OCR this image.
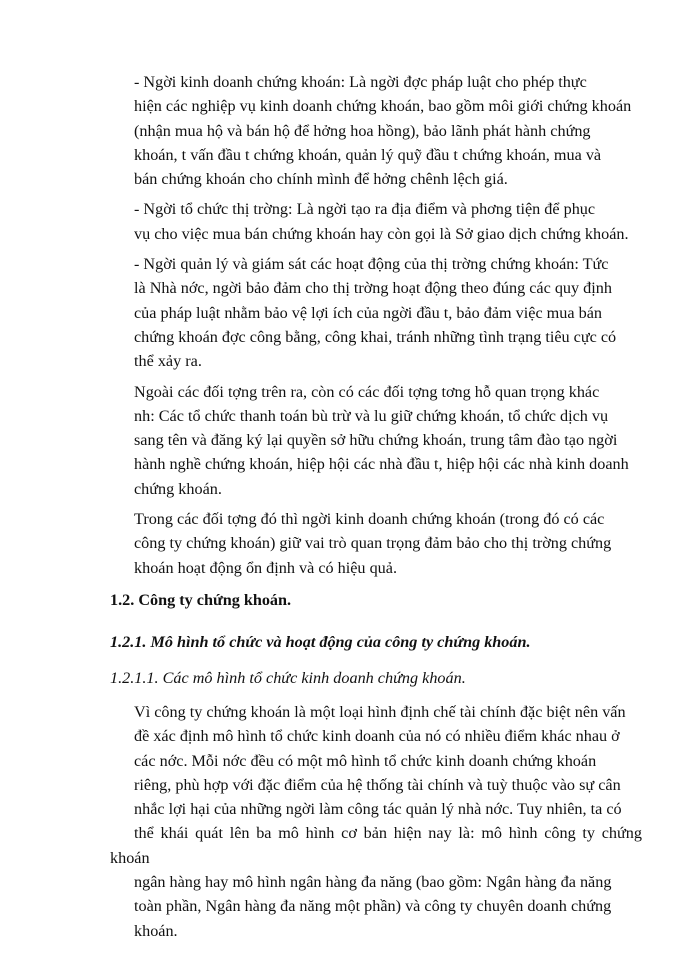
- Ngời kinh doanh chứng khoán: Là ngời đợc pháp luật cho phép thực
hiện các nghiệp vụ kinh doanh chứng khoán, bao gồm môi giới chứng khoán
(nhận mua hộ và bán hộ để hởng hoa hồng), bảo lãnh phát hành chứng
khoán, t vấn đầu t chứng khoán, quản lý quỹ đầu t chứng khoán, mua và
bán chứng khoán cho chính mình để hởng chênh lệch giá.

- Ngời tổ chức thị trờng: Là ngời tạo ra địa điểm và phơng tiện để phục
vụ cho việc mua bán chứng khoán hay còn gọi là Sở giao dịch chứng khoán.

- Ngời quản lý và giám sát các hoạt động của thị trờng chứng khoán: Tức
là Nhà nớc, ngời bảo đảm cho thị trờng hoạt động theo đúng các quy định
của pháp luật nhằm bảo vệ lợi ích của ngời đầu t, bảo đảm việc mua bán
chứng khoán đợc công bằng, công khai, tránh những tình trạng tiêu cực có
thể xảy ra.

Ngoài các đối tợng trên ra, còn có các đối tợng tơng hỗ quan trọng khác
nh: Các tổ chức thanh toán bù trừ và lu giữ chứng khoán, tổ chức dịch vụ
sang tên và đăng ký lại quyền sở hữu chứng khoán, trung tâm đào tạo ngời
hành nghề chứng khoán, hiệp hội các nhà đầu t, hiệp hội các nhà kinh doanh
chứng khoán.

Trong các đối tợng đó thì ngời kinh doanh chứng khoán (trong đó có các
công ty chứng khoán) giữ vai trò quan trọng đảm bảo cho thị trờng chứng
khoán hoạt động ổn định và có hiệu quả.

1.2. Công ty chứng khoán.
1.2.1. Mô hình tổ chức và hoạt động của công ty chứng khoán.
1.2.1.1. Các mô hình tổ chức kinh doanh chứng khoán.

Vì công ty chứng khoán là một loại hình định chế tài chính đặc biệt nên vấn
đề xác định mô hình tổ chức kinh doanh của nó có nhiều điểm khác nhau ở
các nớc. Mỗi nớc đều có một mô hình tổ chức kinh doanh chứng khoán
riêng, phù hợp với đặc điểm của hệ thống tài chính và tuỳ thuộc vào sự cân
nhắc lợi hại của những ngời làm công tác quản lý nhà nớc. Tuy nhiên, ta có
thể khái quát lên ba mô hình cơ bản hiện nay là: mô hình công ty chứng khoán
ngân hàng hay mô hình ngân hàng đa năng (bao gồm: Ngân hàng đa năng
toàn phần, Ngân hàng đa năng một phần) và công ty chuyên doanh chứng
khoán.
